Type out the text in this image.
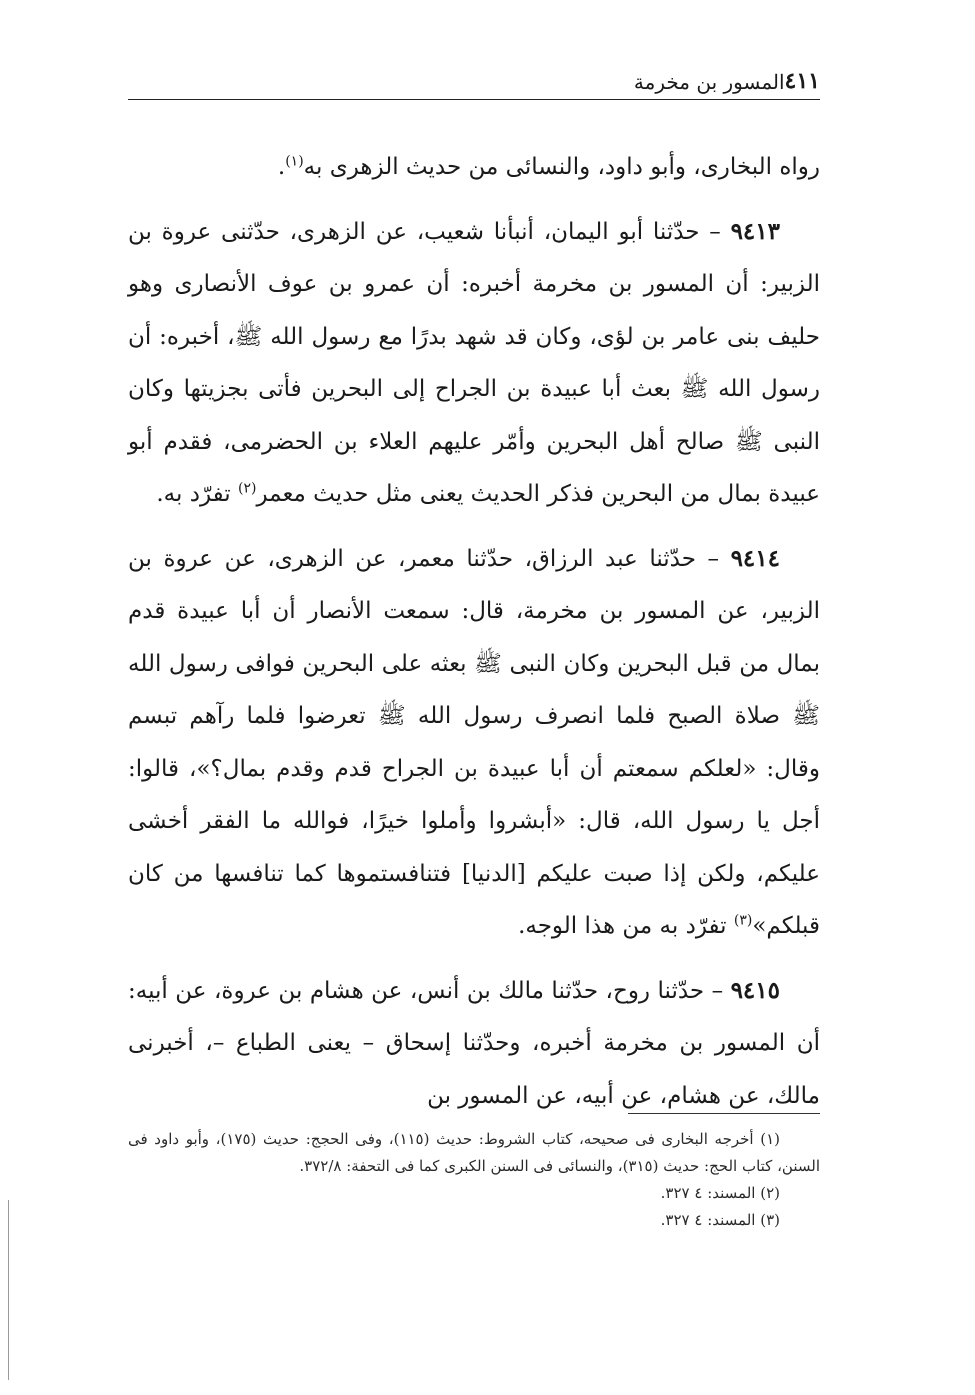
٤١١
المسور بن مخرمة

رواه البخارى، وأبو داود، والنسائى من حديث الزهرى به$^{(١)}$.

٩٤١٣ – حدّثنا أبو اليمان، أنبأنا شعيب، عن الزهرى، حدّثنى عروة بن الزبير: أن المسور بن مخرمة أخبره: أن عمرو بن عوف الأنصارى وهو حليف بنى عامر بن لؤى، وكان قد شهد بدرًا مع رسول الله ﷺ، أخبره: أن رسول الله ﷺ بعث أبا عبيدة بن الجراح إلى البحرين فأتى بجزيتها وكان النبى ﷺ صالح أهل البحرين وأمّر عليهم العلاء بن الحضرمى، فقدم أبو عبيدة بمال من البحرين فذكر الحديث يعنى مثل حديث معمر$^{(٢)}$ تفرّد به.

٩٤١٤ – حدّثنا عبد الرزاق، حدّثنا معمر، عن الزهرى، عن عروة بن الزبير، عن المسور بن مخرمة، قال: سمعت الأنصار أن أبا عبيدة قدم بمال من قبل البحرين وكان النبى ﷺ بعثه على البحرين فوافى رسول الله ﷺ صلاة الصبح فلما انصرف رسول الله ﷺ تعرضوا فلما رآهم تبسم وقال: «لعلكم سمعتم أن أبا عبيدة بن الجراح قدم وقدم بمال؟»، قالوا: أجل يا رسول الله، قال: «أبشروا وأملوا خيرًا، فوالله ما الفقر أخشى عليكم، ولكن إذا صبت عليكم [الدنيا] فتنافستموها كما تنافسها من كان قبلكم»$^{(٣)}$ تفرّد به من هذا الوجه.

٩٤١٥ – حدّثنا روح، حدّثنا مالك بن أنس، عن هشام بن عروة، عن أبيه: أن المسور بن مخرمة أخبره، وحدّثنا إسحاق – يعنى الطباع –، أخبرنى مالك، عن هشام، عن أبيه، عن المسور بن

(١) أخرجه البخارى فى صحيحه، كتاب الشروط: حديث (١١٥)، وفى الحجج: حديث (١٧٥)، وأبو داود فى السنن، كتاب الحج: حديث (٣١٥)، والنسائى فى السنن الكبرى كما فى التحفة: ٣٧٢/٨.

(٢) المسند: ٤ ٣٢٧.

(٣) المسند: ٤ ٣٢٧.
